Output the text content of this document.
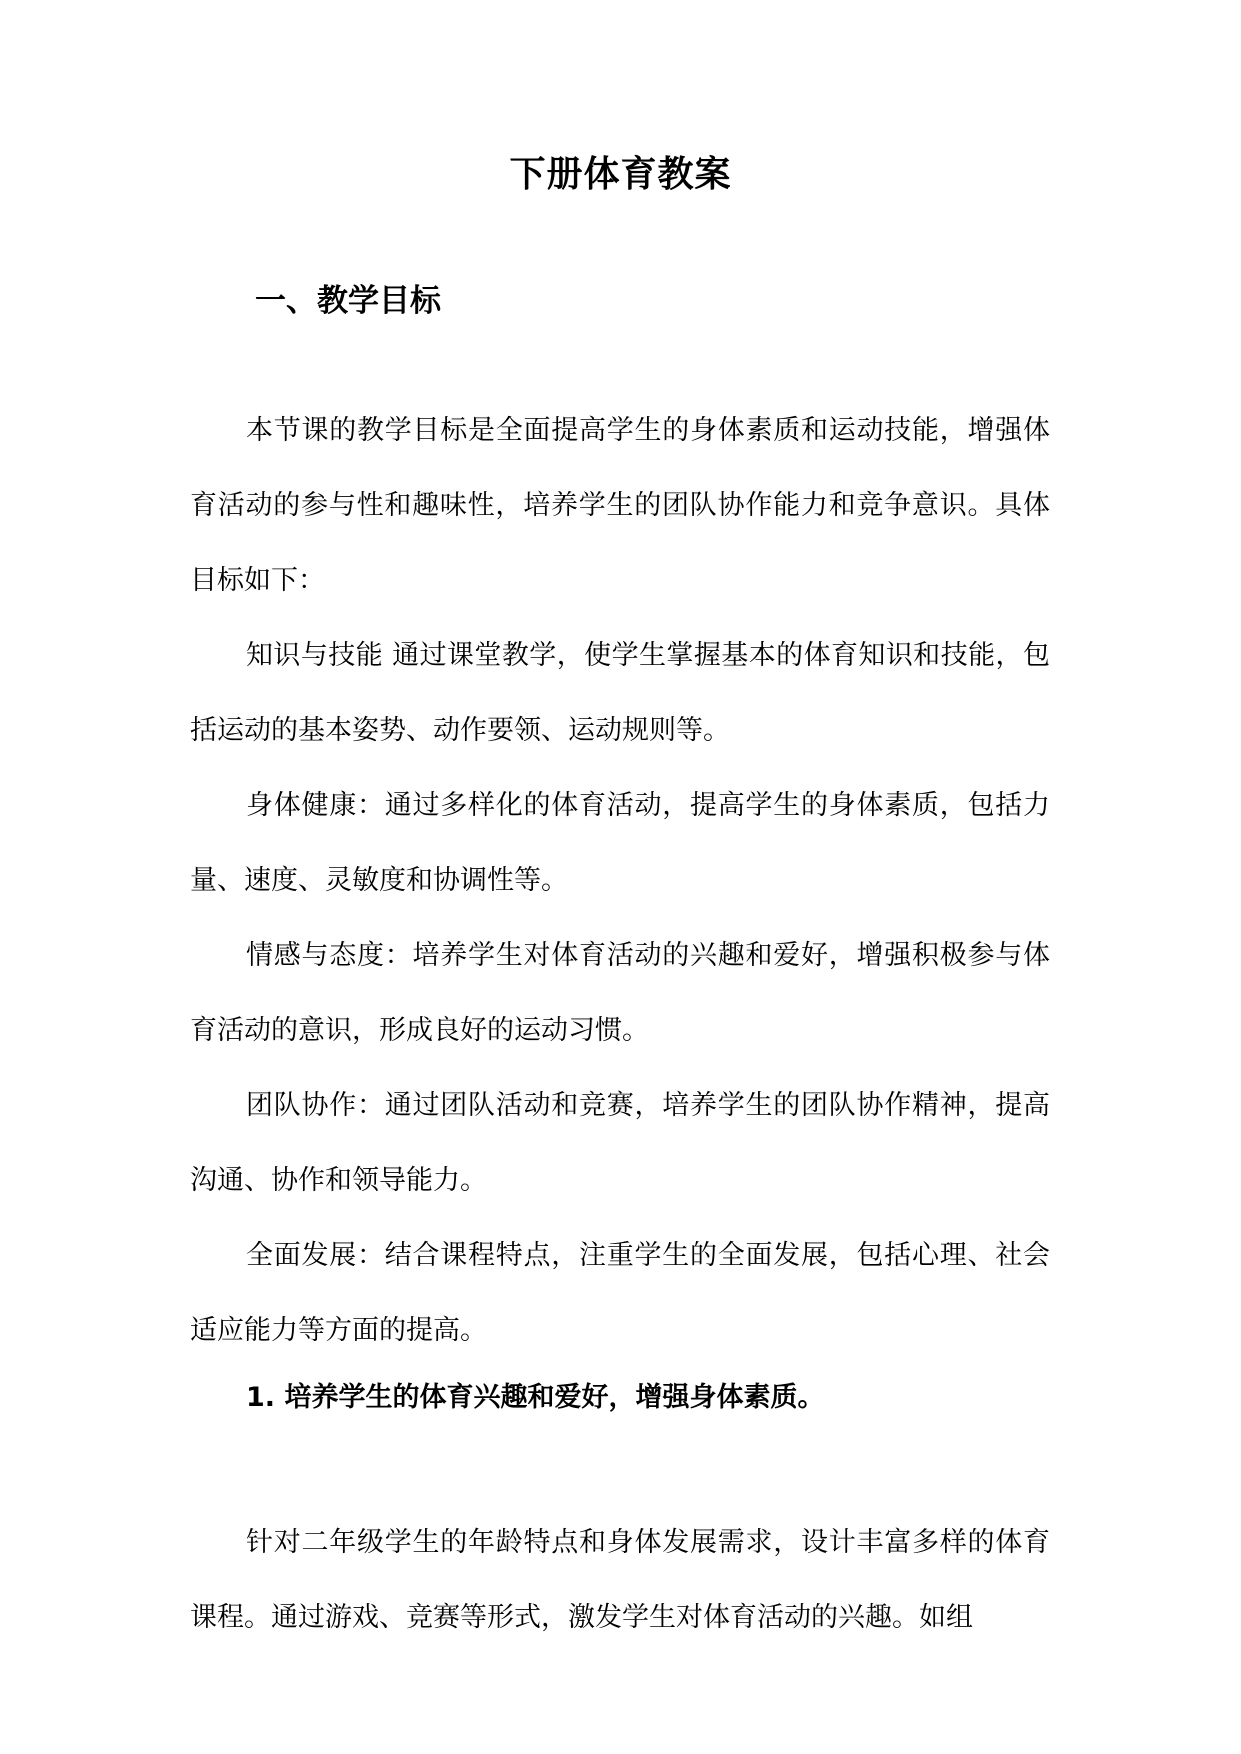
下册体育教案
一、教学目标

本节课的教学目标是全面提高学生的身体素质和运动技能，增强体育活动的参与性和趣味性，培养学生的团队协作能力和竞争意识。具体目标如下：

知识与技能 通过课堂教学，使学生掌握基本的体育知识和技能，包括运动的基本姿势、动作要领、运动规则等。

身体健康：通过多样化的体育活动，提高学生的身体素质，包括力量、速度、灵敏度和协调性等。

情感与态度：培养学生对体育活动的兴趣和爱好，增强积极参与体育活动的意识，形成良好的运动习惯。

团队协作：通过团队活动和竞赛，培养学生的团队协作精神，提高沟通、协作和领导能力。

全面发展：结合课程特点，注重学生的全面发展，包括心理、社会适应能力等方面的提高。

1. 培养学生的体育兴趣和爱好，增强身体素质。

针对二年级学生的年龄特点和身体发展需求，设计丰富多样的体育课程。通过游戏、竞赛等形式，激发学生对体育活动的兴趣。如组
